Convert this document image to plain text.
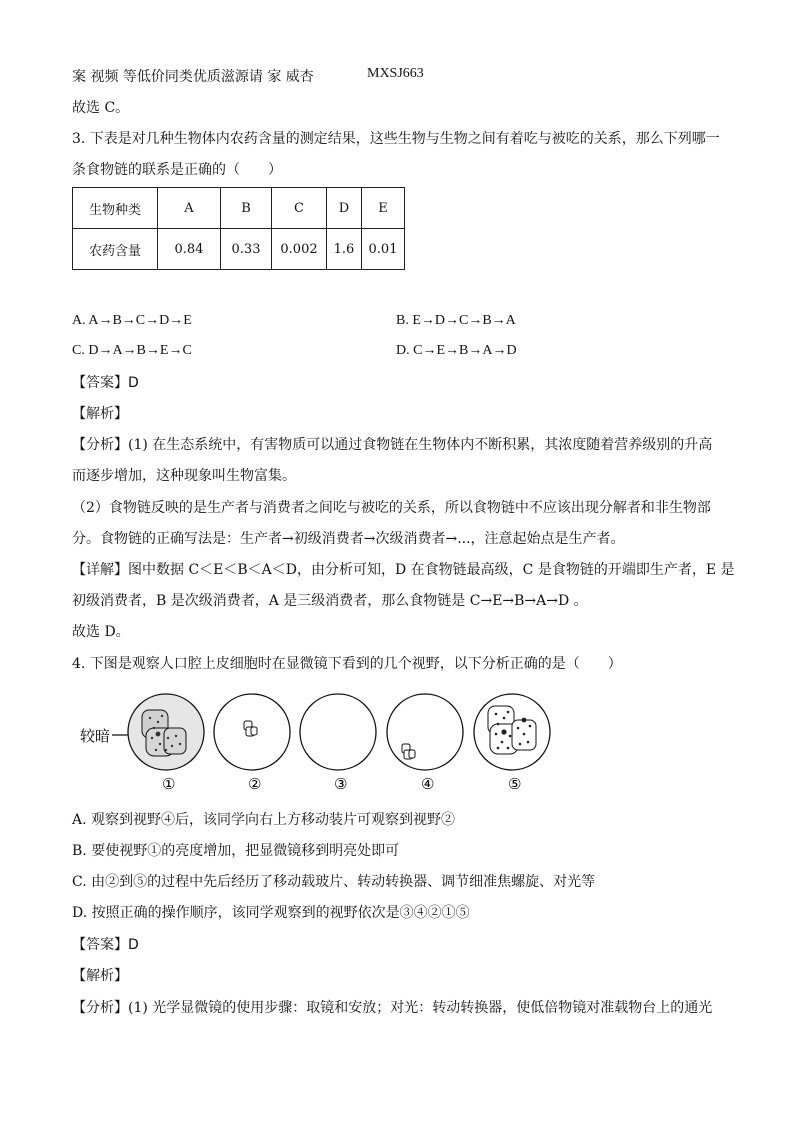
案 视频 等低价同类优质滋源请 家 威杏	MXSJ663
故选 C。
3. 下表是对几种生物体内农药含量的测定结果，这些生物与生物之间有着吃与被吃的关系，那么下列哪一
条食物链的联系是正确的（　　）
生物种类	A	B	C	D	E
农药含量	0.84	0.33	0.002	1.6	0.01
A. A→B→C→D→E	B. E→D→C→B→A
C. D→A→B→E→C	D. C→E→B→A→D
【答案】D
【解析】
【分析】(1) 在生态系统中，有害物质可以通过食物链在生物体内不断积累，其浓度随着营养级别的升高
而逐步增加，这种现象叫生物富集。
（2）食物链反映的是生产者与消费者之间吃与被吃的关系，所以食物链中不应该出现分解者和非生物部
分。食物链的正确写法是：生产者→初级消费者→次级消费者→...，注意起始点是生产者。
【详解】图中数据 C＜E＜B＜A＜D，由分析可知，D 在食物链最高级，C 是食物链的开端即生产者，E 是
初级消费者，B 是次级消费者，A 是三级消费者，那么食物链是 C→E→B→A→D 。
故选 D。
4. 下图是观察人口腔上皮细胞时在显微镜下看到的几个视野，以下分析正确的是（　　）
较暗
①	②	③	④	⑤
A. 观察到视野④后，该同学向右上方移动装片可观察到视野②
B. 要使视野①的亮度增加，把显微镜移到明亮处即可
C. 由②到⑤的过程中先后经历了移动载玻片、转动转换器、调节细准焦螺旋、对光等
D. 按照正确的操作顺序，该同学观察到的视野依次是③④②①⑤
【答案】D
【解析】
【分析】(1) 光学显微镜的使用步骤：取镜和安放；对光：转动转换器，使低倍物镜对准载物台上的通光
